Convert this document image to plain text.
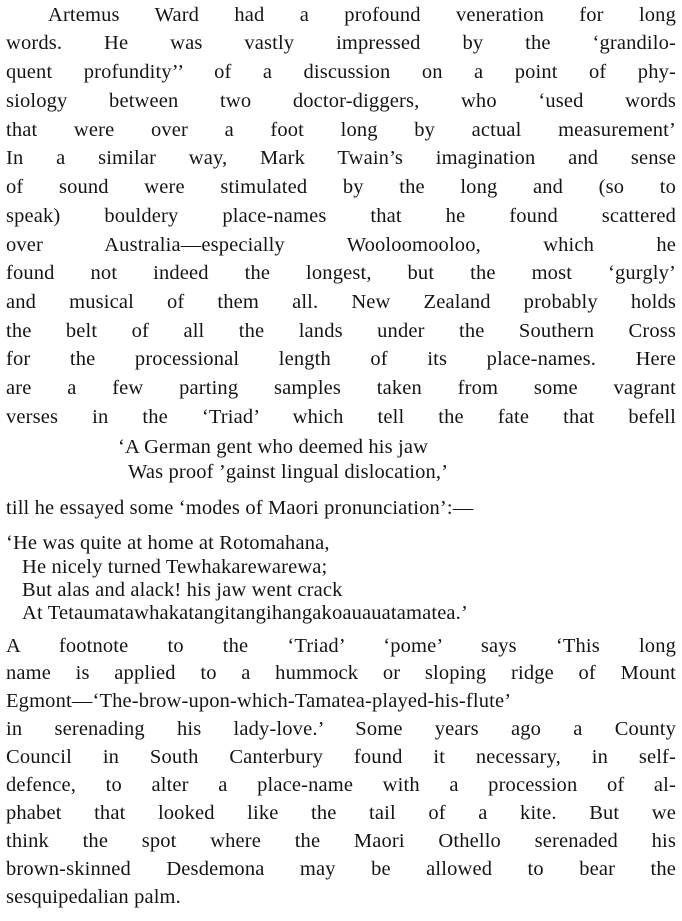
Artemus Ward had a profound veneration for long
words. He was vastly impressed by the ‘grandilo-
quent profundity’’ of a discussion on a point of phy-
siology between two doctor-diggers, who ‘used words
that were over a foot long by actual measurement’
In a similar way, Mark Twain’s imagination and sense
of sound were stimulated by the long and (so to
speak) bouldery place-names that he found scattered
over Australia—especially Wooloomooloo, which he
found not indeed the longest, but the most ‘gurgly’
and musical of them all. New Zealand probably holds
the belt of all the lands under the Southern Cross
for the processional length of its place-names. Here
are a few parting samples taken from some vagrant
verses in the ‘Triad’ which tell the fate that befell
‘A German gent who deemed his jaw
Was proof ’gainst lingual dislocation,’
till he essayed some ‘modes of Maori pronunciation’:—
‘He was quite at home at Rotomahana,
He nicely turned Tewhakarewarewa;
But alas and alack! his jaw went crack
At Tetaumatawhakatangitangihangakoauauatamatea.’
A footnote to the ‘Triad’ ‘pome’ says ‘This long
name is applied to a hummock or sloping ridge of Mount
Egmont—‘The-brow-upon-which-Tamatea-played-his-flute’
in serenading his lady-love.’ Some years ago a County
Council in South Canterbury found it necessary, in self-
defence, to alter a place-name with a procession of al-
phabet that looked like the tail of a kite. But we
think the spot where the Maori Othello serenaded his
brown-skinned Desdemona may be allowed to bear the
sesquipedalian palm.
